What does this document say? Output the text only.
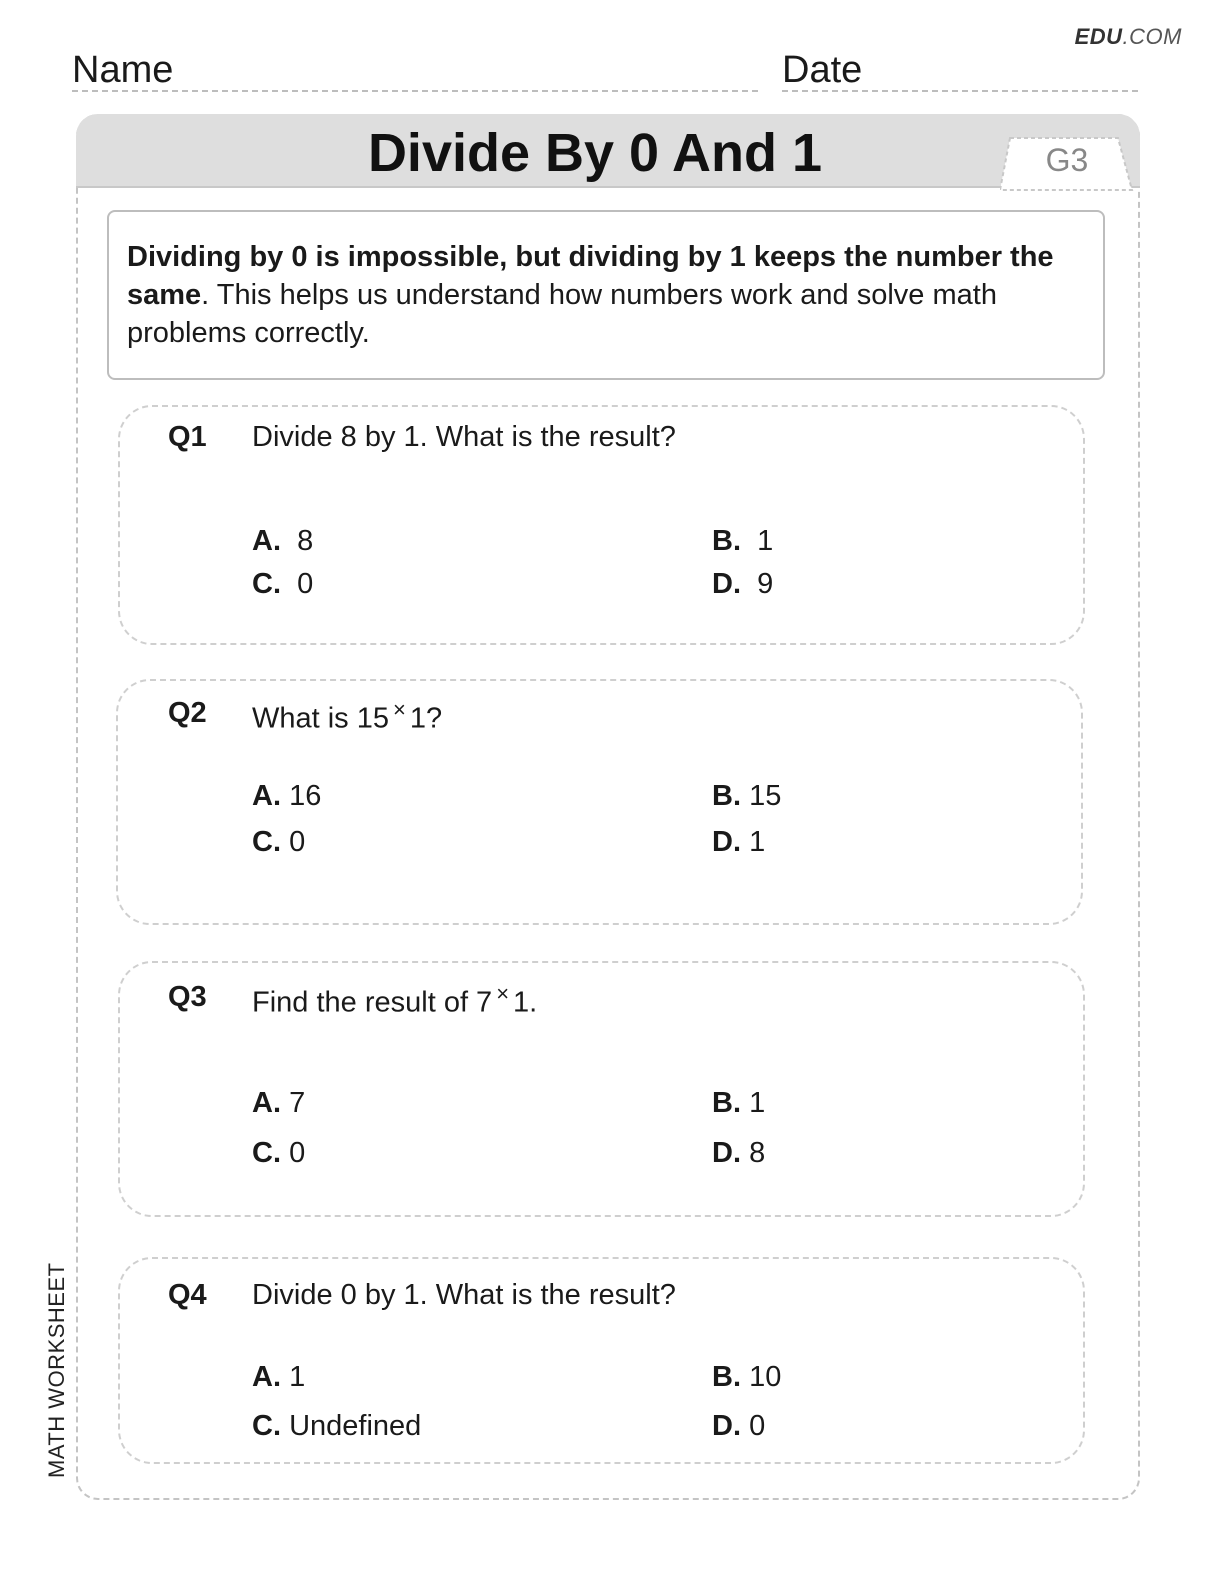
EDU.COM
Name	Date
Divide By 0 And 1	G3
Dividing by 0 is impossible, but dividing by 1 keeps the number the same. This helps us understand how numbers work and solve math problems correctly.
Q1 Divide 8 by 1. What is the result?
A. 8	B. 1
C. 0	D. 9
Q2 What is 15 × 1?
A. 16	B. 15
C. 0	D. 1
Q3 Find the result of 7 × 1.
A. 7	B. 1
C. 0	D. 8
Q4 Divide 0 by 1. What is the result?
A. 1	B. 10
C. Undefined	D. 0
MATH WORKSHEET
